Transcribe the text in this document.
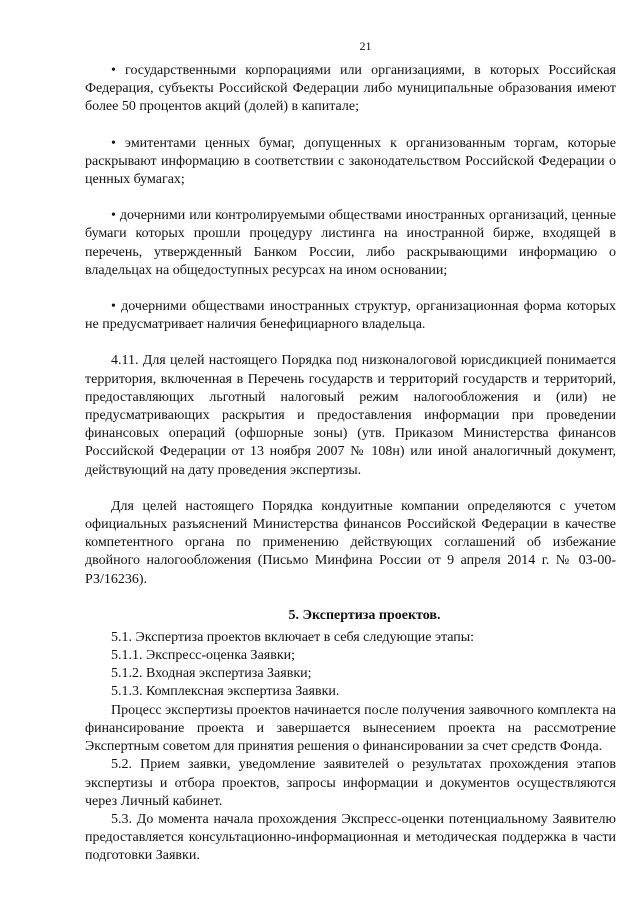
21

• государственными корпорациями или организациями, в которых Российская Федерация, субъекты Российской Федерации либо муниципальные образования имеют более 50 процентов акций (долей) в капитале;

• эмитентами ценных бумаг, допущенных к организованным торгам, которые раскрывают информацию в соответствии с законодательством Российской Федерации о ценных бумагах;

• дочерними или контролируемыми обществами иностранных организаций, ценные бумаги которых прошли процедуру листинга на иностранной бирже, входящей в перечень, утвержденный Банком России, либо раскрывающими информацию о владельцах на общедоступных ресурсах на ином основании;

• дочерними обществами иностранных структур, организационная форма которых не предусматривает наличия бенефициарного владельца.

4.11. Для целей настоящего Порядка под низконалоговой юрисдикцией понимается территория, включенная в Перечень государств и территорий государств и территорий, предоставляющих льготный налоговый режим налогообложения и (или) не предусматривающих раскрытия и предоставления информации при проведении финансовых операций (офшорные зоны) (утв. Приказом Министерства финансов Российской Федерации от 13 ноября 2007 № 108н) или иной аналогичный документ, действующий на дату проведения экспертизы.

Для целей настоящего Порядка кондуитные компании определяются с учетом официальных разъяснений Министерства финансов Российской Федерации в качестве компетентного органа по применению действующих соглашений об избежание двойного налогообложения (Письмо Минфина России от 9 апреля 2014 г. № 03-00-РЗ/16236).

5. Экспертиза проектов.

5.1. Экспертиза проектов включает в себя следующие этапы:

5.1.1. Экспресс-оценка Заявки;

5.1.2. Входная экспертиза Заявки;

5.1.3. Комплексная экспертиза Заявки.

Процесс экспертизы проектов начинается после получения заявочного комплекта на финансирование проекта и завершается вынесением проекта на рассмотрение Экспертным советом для принятия решения о финансировании за счет средств Фонда.

5.2. Прием заявки, уведомление заявителей о результатах прохождения этапов экспертизы и отбора проектов, запросы информации и документов осуществляются через Личный кабинет.

5.3. До момента начала прохождения Экспресс-оценки потенциальному Заявителю предоставляется консультационно-информационная и методическая поддержка в части подготовки Заявки.
